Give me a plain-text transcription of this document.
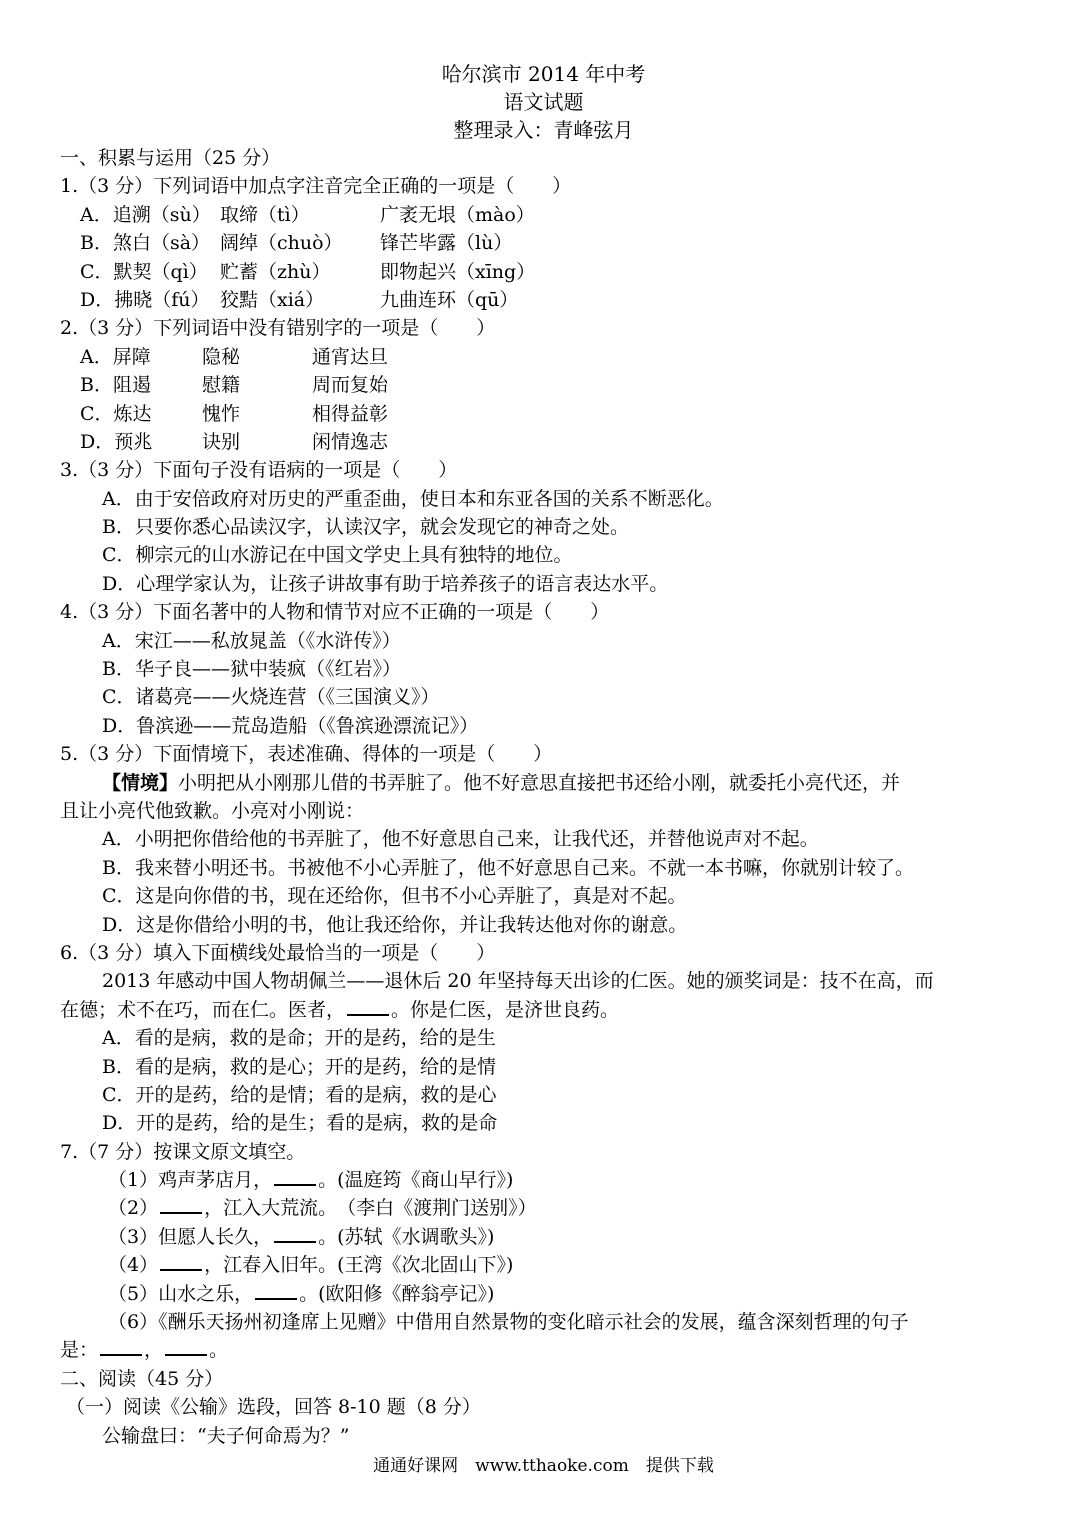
哈尔滨市 2014 年中考
语文试题
整理录入：青峰弦月
一、积累与运用（25 分）
1.（3 分）下列词语中加点字注音完全正确的一项是（　　）
A．追溯（sù） 取缔（tì）	广袤无垠（mào）
B．煞白（sà） 阔绰（chuò） 锋芒毕露（lù）
C．默契（qì） 贮蓄（zhù）	即物起兴（xīng）
D．拂晓（fú） 狡黠（xiá）	九曲连环（qū）
2.（3 分）下列词语中没有错别字的一项是（　　）
A．屏障	隐秘	通宵达旦
B．阻遏	慰籍	周而复始
C．炼达	愧怍	相得益彰
D．预兆	诀别	闲情逸志
3.（3 分）下面句子没有语病的一项是（　　）
A．由于安倍政府对历史的严重歪曲，使日本和东亚各国的关系不断恶化。
B．只要你悉心品读汉字，认读汉字，就会发现它的神奇之处。
C．柳宗元的山水游记在中国文学史上具有独特的地位。
D．心理学家认为，让孩子讲故事有助于培养孩子的语言表达水平。
4.（3 分）下面名著中的人物和情节对应不正确的一项是（　　）
A．宋江——私放晁盖（《水浒传》）
B．华子良——狱中装疯（《红岩》）
C．诸葛亮——火烧连营（《三国演义》）
D．鲁滨逊——荒岛造船（《鲁滨逊漂流记》）
5.（3 分）下面情境下，表述准确、得体的一项是（　　）
【情境】小明把从小刚那儿借的书弄脏了。他不好意思直接把书还给小刚，就委托小亮代还，并
且让小亮代他致歉。小亮对小刚说：
A．小明把你借给他的书弄脏了，他不好意思自己来，让我代还，并替他说声对不起。
B．我来替小明还书。书被他不小心弄脏了，他不好意思自己来。不就一本书嘛，你就别计较了。
C．这是向你借的书，现在还给你，但书不小心弄脏了，真是对不起。
D．这是你借给小明的书，他让我还给你，并让我转达他对你的谢意。
6.（3 分）填入下面横线处最恰当的一项是（　　）
2013 年感动中国人物胡佩兰——退休后 20 年坚持每天出诊的仁医。她的颁奖词是：技不在高，而
在德；术不在巧，而在仁。医者， 。你是仁医，是济世良药。
A．看的是病，救的是命；开的是药，给的是生
B．看的是病，救的是心；开的是药，给的是情
C．开的是药，给的是情；看的是病，救的是心
D．开的是药，给的是生；看的是病，救的是命
7.（7 分）按课文原文填空。
（1）鸡声茅店月， 。(温庭筠《商山早行》)
（2） ，江入大荒流。　（李白《渡荆门送别》）
（3）但愿人长久， 。(苏轼《水调歌头》)
（4） ，江春入旧年。(王湾《次北固山下》)
（5）山水之乐， 。(欧阳修《醉翁亭记》)
（6）《酬乐天扬州初逢席上见赠》中借用自然景物的变化暗示社会的发展，蕴含深刻哲理的句子
是： ， 。
二、阅读（45 分）
（一）阅读《公输》选段，回答 8-10 题（8 分）
公输盘曰：“夫子何命焉为？”
通通好课网　www.tthaoke.com　提供下载
